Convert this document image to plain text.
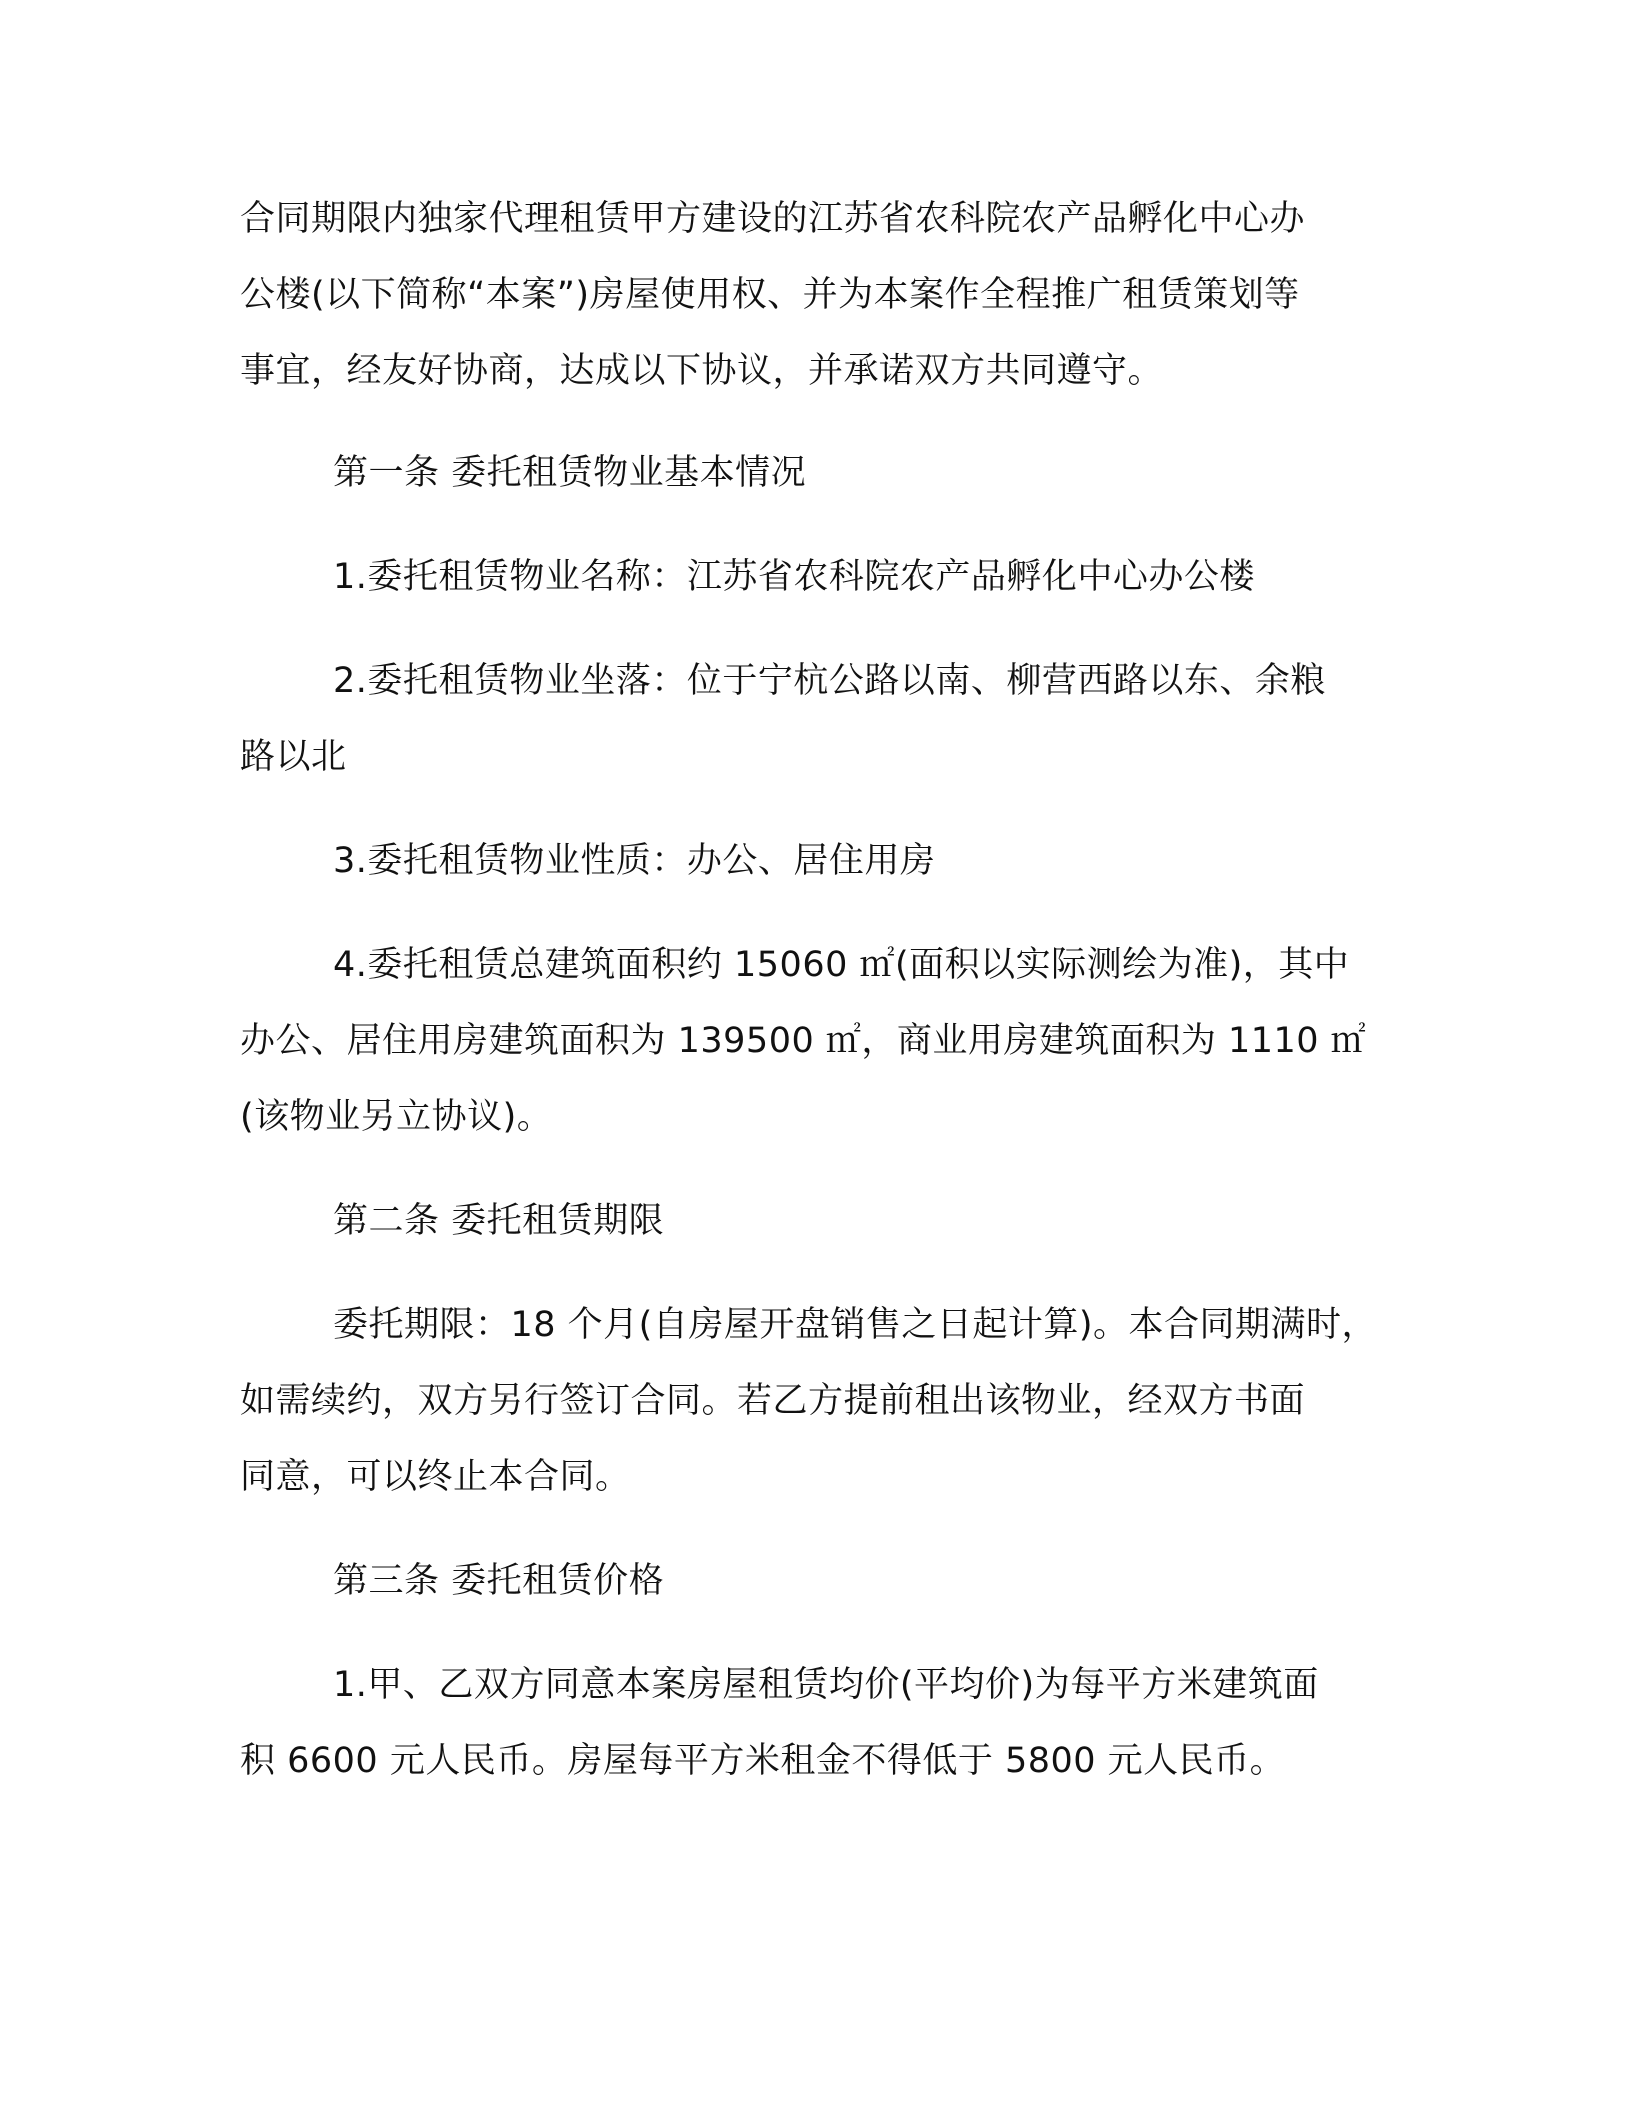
合同期限内独家代理租赁甲方建设的江苏省农科院农产品孵化中心办
公楼(以下简称“本案”)房屋使用权、并为本案作全程推广租赁策划等
事宜，经友好协商，达成以下协议，并承诺双方共同遵守。
第一条 委托租赁物业基本情况
1.委托租赁物业名称：江苏省农科院农产品孵化中心办公楼
2.委托租赁物业坐落：位于宁杭公路以南、柳营西路以东、余粮
路以北
3.委托租赁物业性质：办公、居住用房
4.委托租赁总建筑面积约 15060 ㎡(面积以实际测绘为准)，其中
办公、居住用房建筑面积为 139500 ㎡，商业用房建筑面积为 1110 ㎡
(该物业另立协议)。
第二条 委托租赁期限
委托期限：18 个月(自房屋开盘销售之日起计算)。本合同期满时，
如需续约，双方另行签订合同。若乙方提前租出该物业，经双方书面
同意，可以终止本合同。
第三条 委托租赁价格
1.甲、乙双方同意本案房屋租赁均价(平均价)为每平方米建筑面
积 6600 元人民币。房屋每平方米租金不得低于 5800 元人民币。
